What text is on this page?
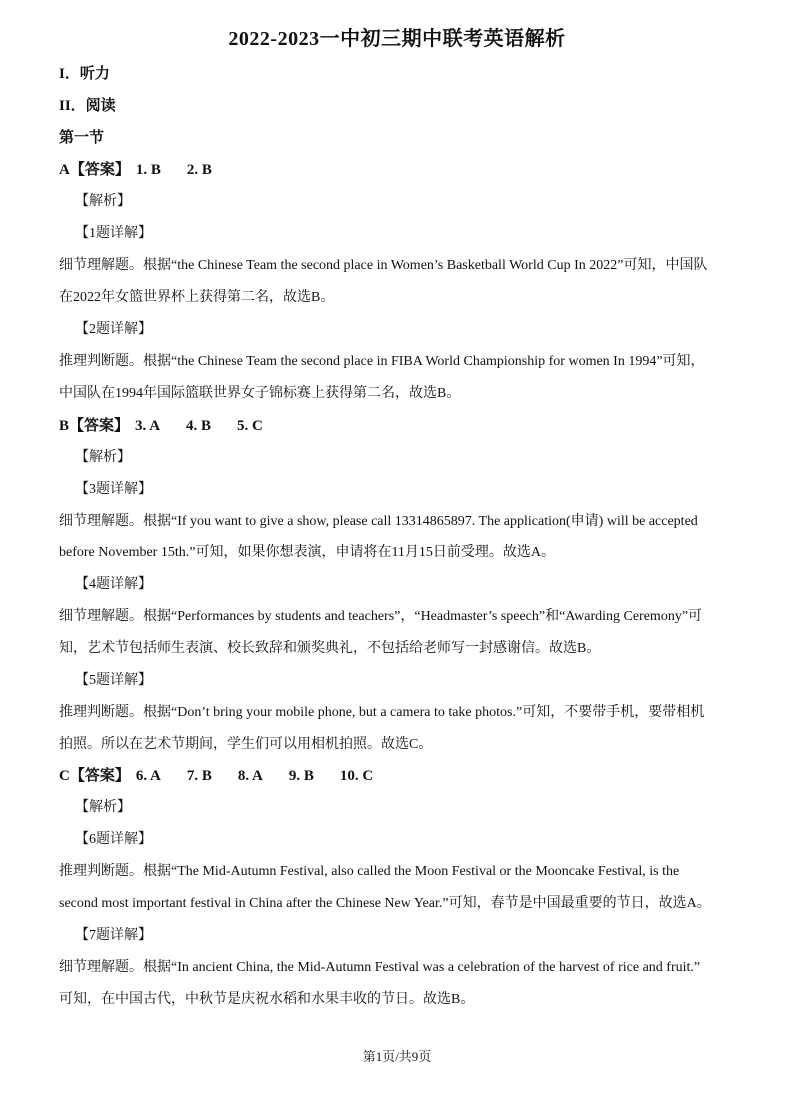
2022-2023一中初三期中联考英语解析
I．听力
II．阅读
第一节
A【答案】 1. B 2. B
【解析】
【1题详解】
细节理解题。根据“the Chinese Team the second place in Women’s Basketball World Cup In 2022”可知，中国队
在2022年女篮世界杯上获得第二名，故选B。
【2题详解】
推理判断题。根据“the Chinese Team the second place in FIBA World Championship for women In 1994”可知，
中国队在1994年国际篮联世界女子锦标赛上获得第二名，故选B。
B【答案】 3. A 4. B 5. C
【解析】
【3题详解】
细节理解题。根据“If you want to give a show, please call 13314865897. The application(申请) will be accepted
before November 15th.”可知，如果你想表演，申请将在11月15日前受理。故选A。
【4题详解】
细节理解题。根据“Performances by students and teachers”，“Headmaster’s speech”和“Awarding Ceremony”可
知，艺术节包括师生表演、校长致辞和颁奖典礼，不包括给老师写一封感谢信。故选B。
【5题详解】
推理判断题。根据“Don’t bring your mobile phone, but a camera to take photos.”可知，不要带手机，要带相机
拍照。所以在艺术节期间，学生们可以用相机拍照。故选C。
C【答案】 6. A 7. B 8. A 9. B 10. C
【解析】
【6题详解】
推理判断题。根据“The Mid-Autumn Festival, also called the Moon Festival or the Mooncake Festival, is the
second most important festival in China after the Chinese New Year.”可知，春节是中国最重要的节日，故选A。
【7题详解】
细节理解题。根据“In ancient China, the Mid-Autumn Festival was a celebration of the harvest of rice and fruit.”
可知，在中国古代，中秋节是庆祝水稻和水果丰收的节日。故选B。
第1页/共9页
